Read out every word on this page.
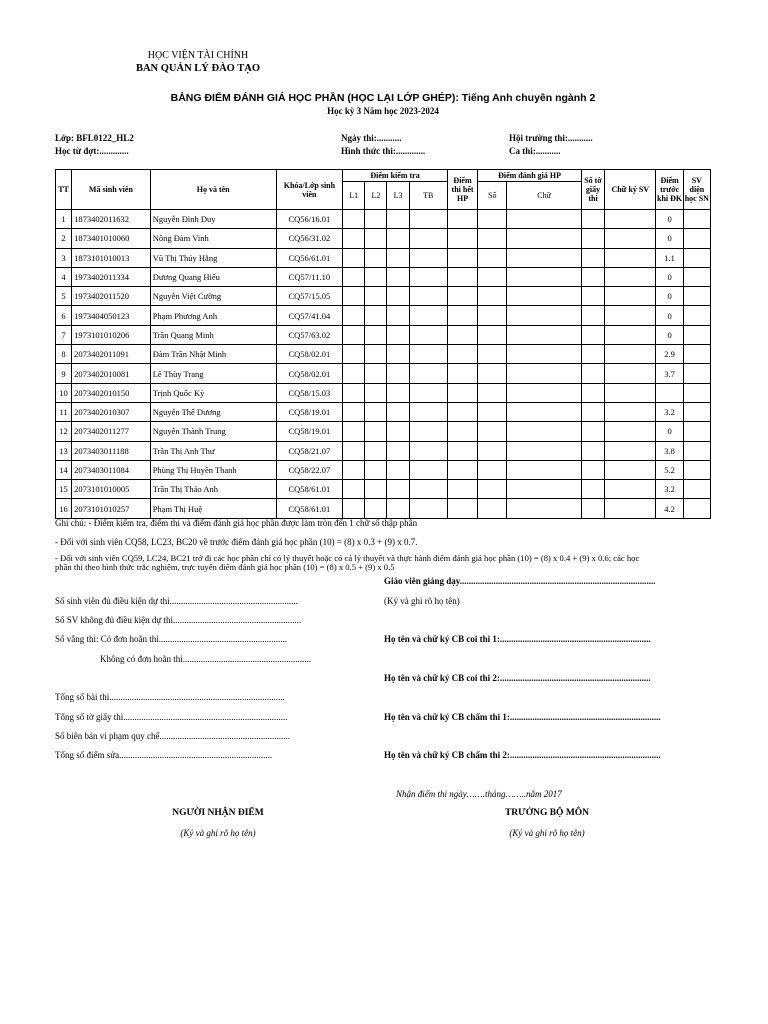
HỌC VIỆN TÀI CHÍNH
BAN QUẢN LÝ ĐÀO TẠO
BẢNG ĐIỂM ĐÁNH GIÁ HỌC PHẦN (HỌC LẠI LỚP GHÉP): Tiếng Anh chuyên ngành 2
Học kỳ 3 Năm học 2023-2024
Lớp: BFL0122_HL2
Học từ đợt:.............
Ngày thi:...........
Hình thức thi:.............
Hội trường thi:...........
Ca thi:...........
TT	Mã sinh viên	Họ và tên	Khóa/Lớp sinh viên	Điểm kiểm tra				Điểm thi hết HP	Điểm đánh giá HP		Số tờ giấy thi	Chữ ký SV	Điểm trước khi ĐK	SV diện học SN
				L1	L2	L3	TB		Số	Chữ				
1	1873402011632	Nguyễn Đình Duy	CQ56/16.01										0	
2	1873401010060	Nông Đàm Vinh	CQ56/31.02										0	
3	1873101010013	Vũ Thị Thúy Hằng	CQ56/61.01										1.1	
4	1973402011334	Dương Quang Hiếu	CQ57/11.10										0	
5	1973402011520	Nguyễn Việt Cường	CQ57/15.05										0	
6	1973404050123	Phạm Phương Anh	CQ57/41.04										0	
7	1973101010206	Trần Quang Minh	CQ57/63.02										0	
8	2073402011091	Đàm Trần Nhật Minh	CQ58/02.01										2.9	
9	2073402010081	Lê Thùy Trang	CQ58/02.01										3.7	
10	2073402010150	Trịnh Quốc Kỳ	CQ58/15.03											
11	2073402010307	Nguyễn Thế Dương	CQ58/19.01										3.2	
12	2073402011277	Nguyễn Thành Trung	CQ58/19.01										0	
13	2073403011188	Trần Thị Anh Thư	CQ58/21.07										3.8	
14	2073403011084	Phùng Thị Huyền Thanh	CQ58/22.07										5.2	
15	2073101010005	Trần Thị Thảo Anh	CQ58/61.01										3.2	
16	2073101010257	Phạm Thị Huệ	CQ58/61.01										4.2	
Ghi chú: - Điểm kiểm tra, điểm thi và điểm đánh giá học phần được làm tròn đến 1 chữ số thập phân
- Đối với sinh viên CQ58, LC23, BC20 về trước điểm đánh giá học phần (10) = (8) x 0.3 + (9) x 0.7.
- Đối với sinh viên CQ59, LC24, BC21 trở đi các học phần chỉ có lý thuyết hoặc có cả lý thuyết và thực hành điểm đánh giá học phần (10) = (8) x 0.4 + (9) x 0.6; các học
phần thi theo hình thức trắc nghiệm, trực tuyến điểm đánh giá học phần (10) = (8) x 0.5 + (9) x 0.5
Số sinh viên đủ điều kiện dự thi.........................................................
Số SV không đủ điều kiện dự thi.........................................................
Số vắng thi: Có đơn hoãn thi.........................................................
Không có đơn hoãn thi.........................................................
Tổng số bài thi..............................................................................
Tổng số tờ giấy thi.........................................................................
Số biên bản vi phạm quy chế..........................................................
Tổng số điểm sửa....................................................................
Giáo viên giảng dạy.......................................................................................
(Ký và ghi rõ họ tên)
Họ tên và chữ ký CB coi thi 1:...................................................................
Họ tên và chữ ký CB coi thi 2:...................................................................
Họ tên và chữ ký CB chấm thi 1:...................................................................
Họ tên và chữ ký CB chấm thi 2:...................................................................
Nhận điểm thi ngày…….tháng……..năm 2017
NGƯỜI NHẬN ĐIỂM
(Ký và ghi rõ họ tên)
TRƯỞNG BỘ MÔN
(Ký và ghi rõ họ tên)
